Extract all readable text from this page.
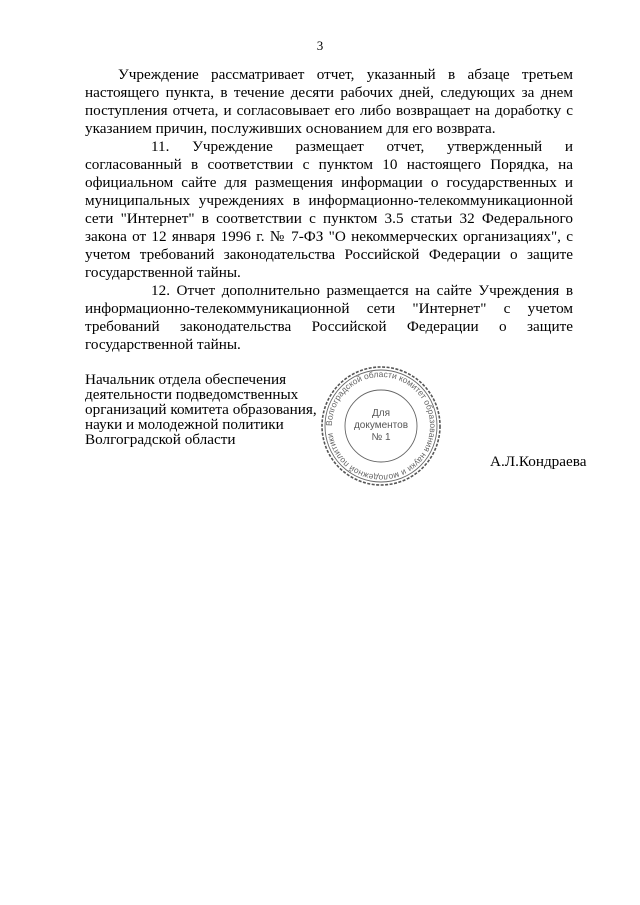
3

Учреждение рассматривает отчет, указанный в абзаце третьем настоящего пункта, в течение десяти рабочих дней, следующих за днем поступления отчета, и согласовывает его либо возвращает на доработку с указанием причин, послуживших основанием для его возврата.

11. Учреждение размещает отчет, утвержденный и согласованный в соответствии с пунктом 10 настоящего Порядка, на официальном сайте для размещения информации о государственных и муниципальных учреждениях в информационно-телекоммуникационной сети "Интернет" в соответствии с пунктом 3.5 статьи 32 Федерального закона от 12 января 1996 г. № 7-ФЗ "О некоммерческих организациях", с учетом требований законодательства Российской Федерации о защите государственной тайны.

12. Отчет дополнительно размещается на сайте Учреждения в информационно-телекоммуникационной сети "Интернет" с учетом требований законодательства Российской Федерации о защите государственной тайны.

Начальник отдела обеспечения
деятельности подведомственных
организаций комитета образования,
науки и молодежной политики
Волгоградской области
Волгоградской области комитет образования науки и молодежной политики
Для
документов
№ 1
А.Л.Кондраева
